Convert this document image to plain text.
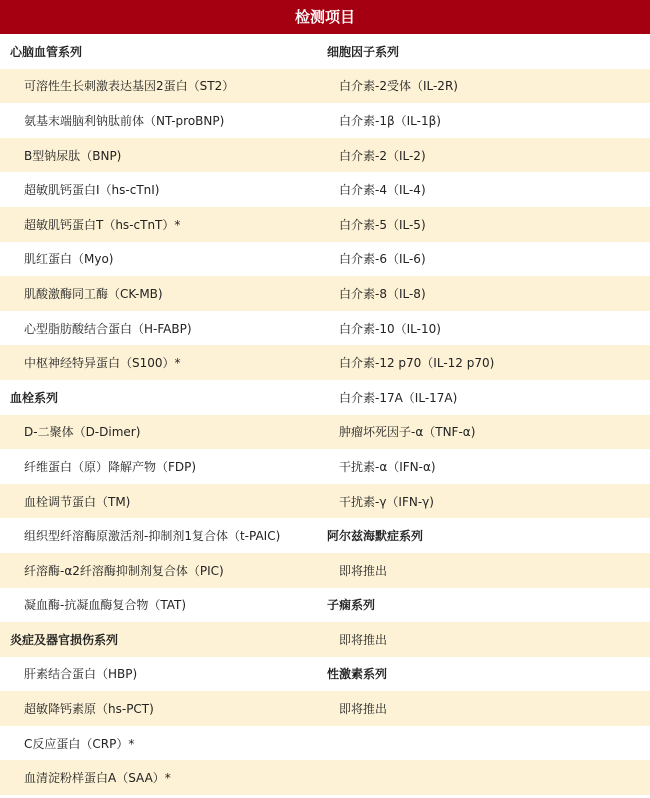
检测项目
心脑血管系列	细胞因子系列
可溶性生长刺激表达基因2蛋白（ST2）	白介素-2受体（IL-2R)
氨基末端脑利钠肽前体（NT-proBNP)	白介素-1β（IL-1β)
B型钠尿肽（BNP)	白介素-2（IL-2)
超敏肌钙蛋白I（hs-cTnI)	白介素-4（IL-4)
超敏肌钙蛋白T（hs-cTnT）*	白介素-5（IL-5)
肌红蛋白（Myo)	白介素-6（IL-6)
肌酸激酶同工酶（CK-MB)	白介素-8（IL-8)
心型脂肪酸结合蛋白（H-FABP)	白介素-10（IL-10)
中枢神经特异蛋白（S100）*	白介素-12 p70（IL-12 p70)
血栓系列	白介素-17A（IL-17A)
D-二聚体（D-Dimer)	肿瘤坏死因子-α（TNF-α)
纤维蛋白（原）降解产物（FDP)	干扰素-α（IFN-α)
血栓调节蛋白（TM)	干扰素-γ（IFN-γ)
组织型纤溶酶原激活剂-抑制剂1复合体（t-PAIC)	阿尔兹海默症系列
纤溶酶-α2纤溶酶抑制剂复合体（PIC)	即将推出
凝血酶-抗凝血酶复合物（TAT)	子痫系列
炎症及器官损伤系列	即将推出
肝素结合蛋白（HBP)	性激素系列
超敏降钙素原（hs-PCT)	即将推出
C反应蛋白（CRP）*
血清淀粉样蛋白A（SAA）*
